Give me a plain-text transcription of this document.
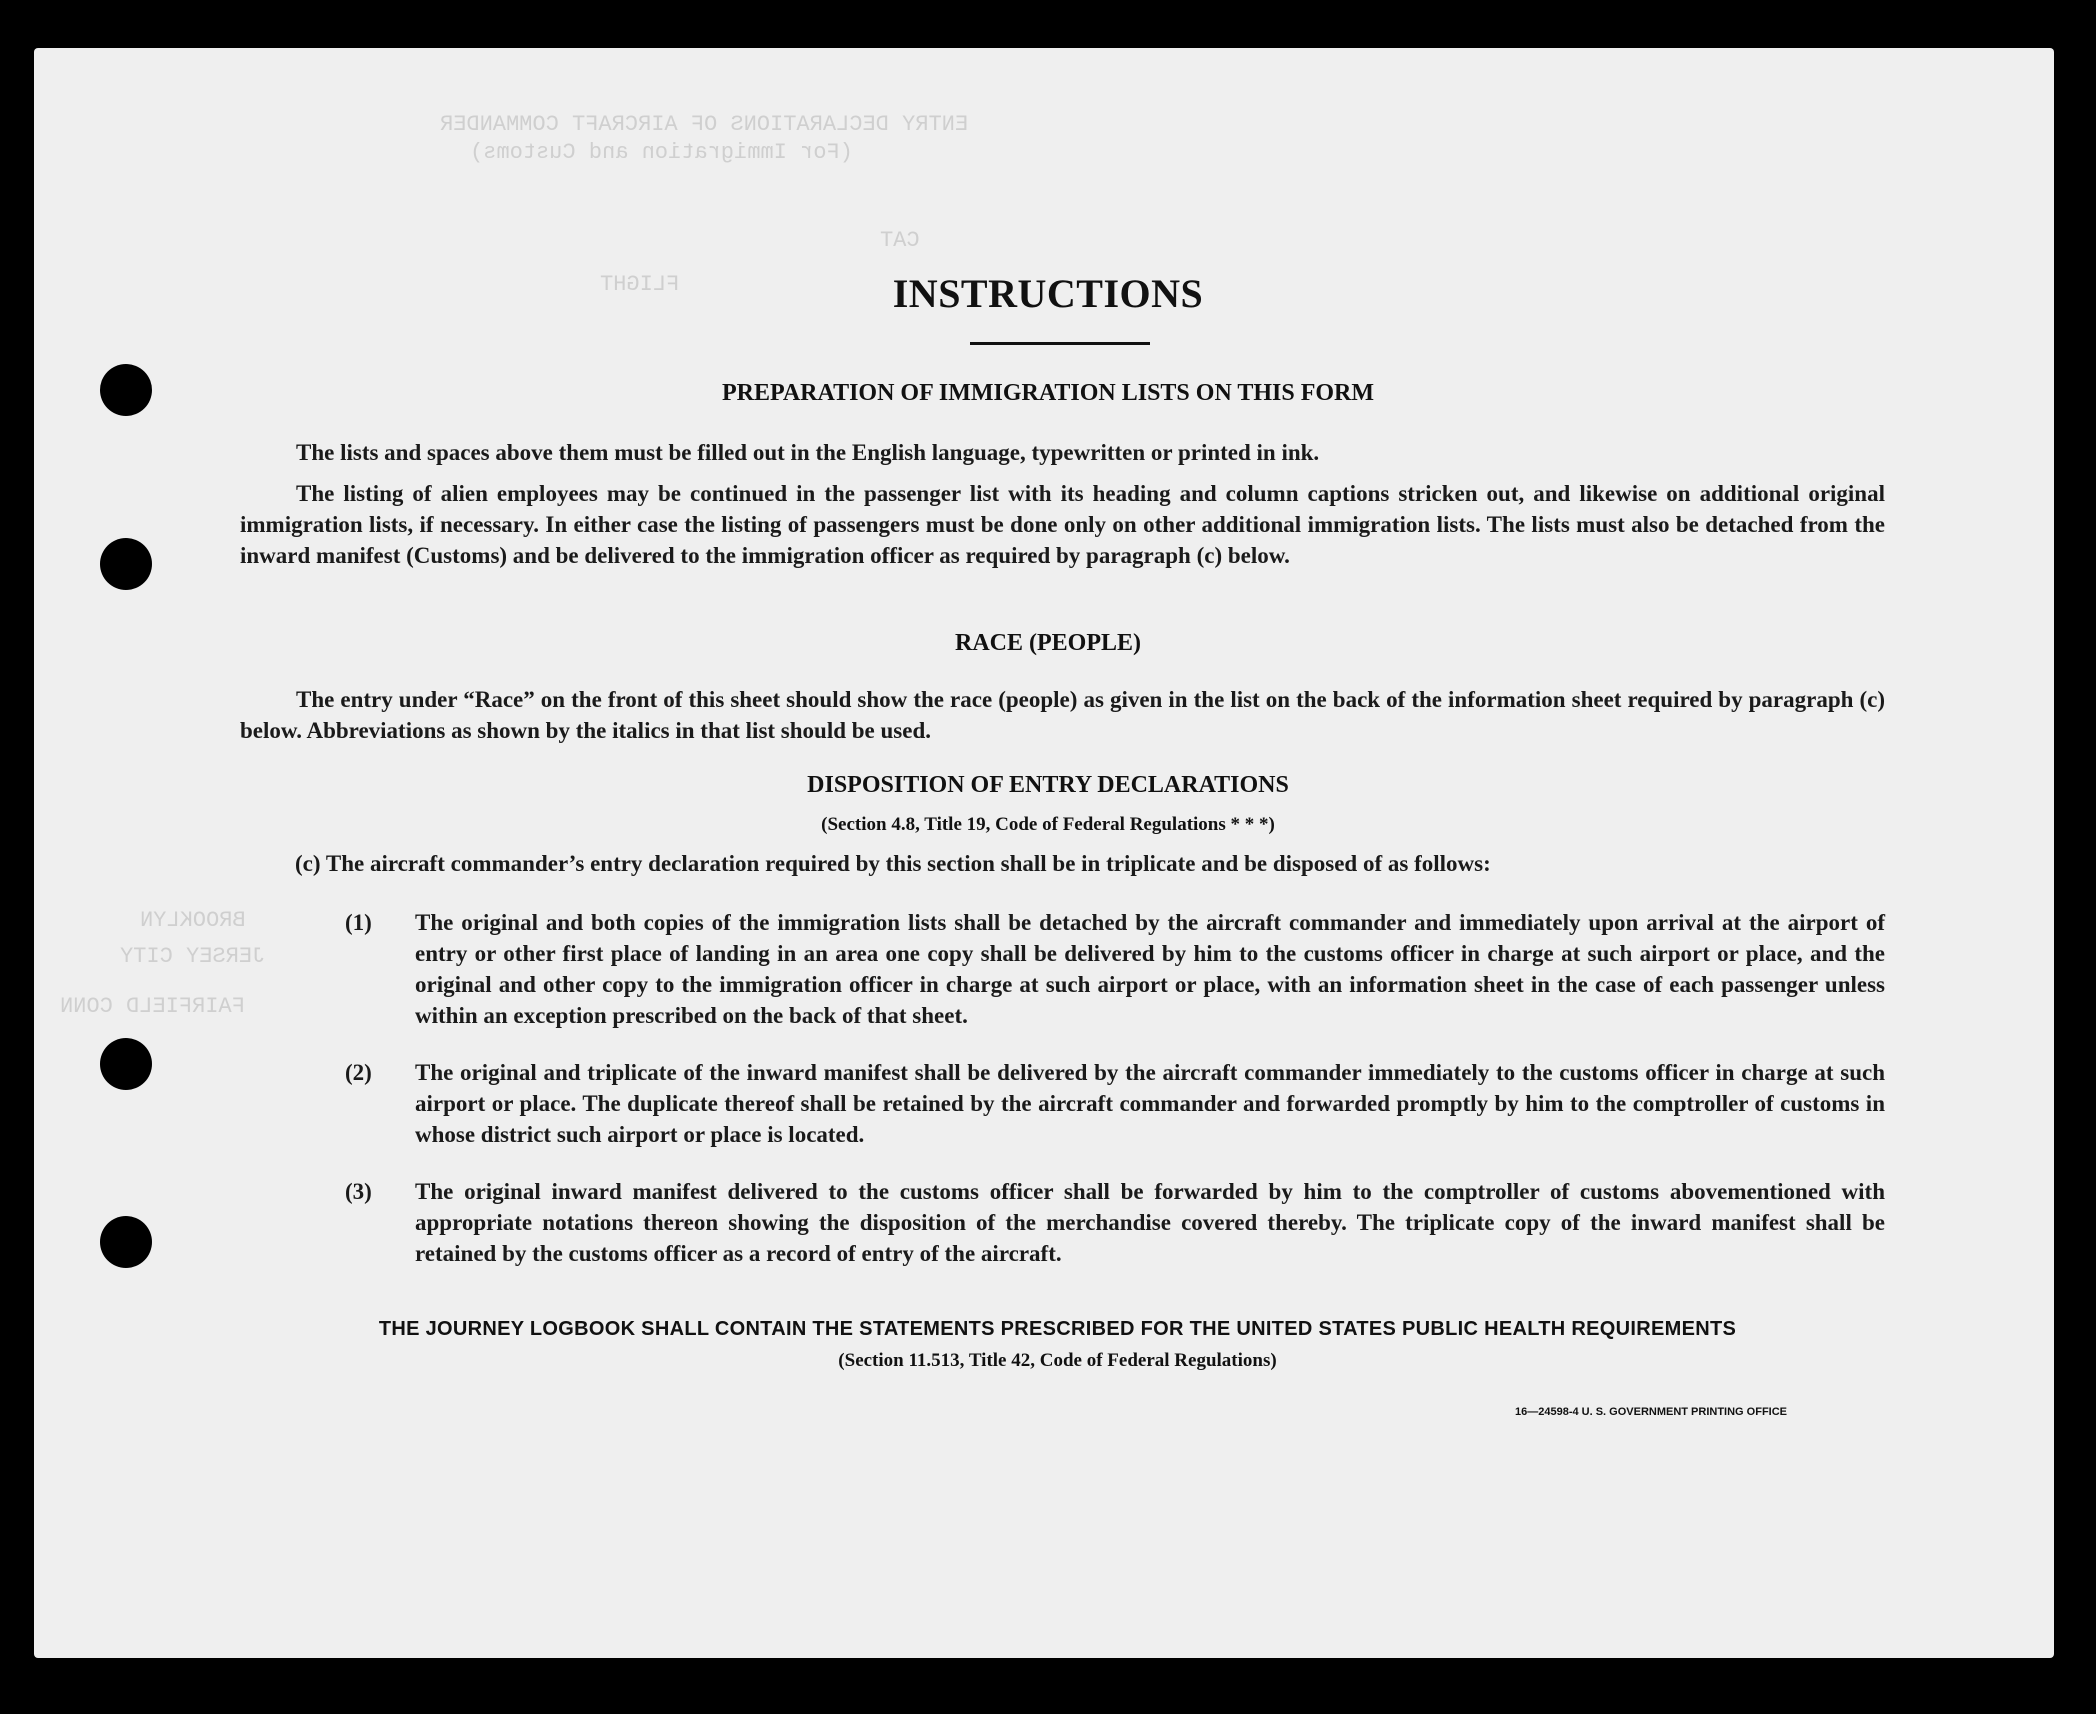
ENTRY DECLARATIONS OF AIRCRAFT COMMANDER
(For Immigration and Customs)
FLIGHT
CAT
BROOKLYN
JERSEY CITY
FAIRFIELD CONN
INSTRUCTIONS
PREPARATION OF IMMIGRATION LISTS ON THIS FORM
The lists and spaces above them must be filled out in the English language, typewritten or printed in ink.
The listing of alien employees may be continued in the passenger list with its heading and column captions stricken out, and likewise on additional original immigration lists, if necessary. In either case the listing of passengers must be done only on other additional immigration lists. The lists must also be detached from the inward manifest (Customs) and be delivered to the immigration officer as required by paragraph (c) below.
RACE (PEOPLE)
The entry under “Race” on the front of this sheet should show the race (people) as given in the list on the back of the information sheet required by paragraph (c) below. Abbreviations as shown by the italics in that list should be used.
DISPOSITION OF ENTRY DECLARATIONS
(Section 4.8, Title 19, Code of Federal Regulations * * *)
(c) The aircraft commander’s entry declaration required by this section shall be in triplicate and be disposed of as follows:
(1) The original and both copies of the immigration lists shall be detached by the aircraft commander and immediately upon arrival at the airport of entry or other first place of landing in an area one copy shall be delivered by him to the customs officer in charge at such airport or place, and the original and other copy to the immigration officer in charge at such airport or place, with an information sheet in the case of each passenger unless within an exception prescribed on the back of that sheet.
(2) The original and triplicate of the inward manifest shall be delivered by the aircraft commander immediately to the customs officer in charge at such airport or place. The duplicate thereof shall be retained by the aircraft commander and forwarded promptly by him to the comptroller of customs in whose district such airport or place is located.
(3) The original inward manifest delivered to the customs officer shall be forwarded by him to the comptroller of customs abovementioned with appropriate notations thereon showing the disposition of the merchandise covered thereby. The triplicate copy of the inward manifest shall be retained by the customs officer as a record of entry of the aircraft.
THE JOURNEY LOGBOOK SHALL CONTAIN THE STATEMENTS PRESCRIBED FOR THE UNITED STATES PUBLIC HEALTH REQUIREMENTS
(Section 11.513, Title 42, Code of Federal Regulations)
16—24598-4 U. S. GOVERNMENT PRINTING OFFICE
